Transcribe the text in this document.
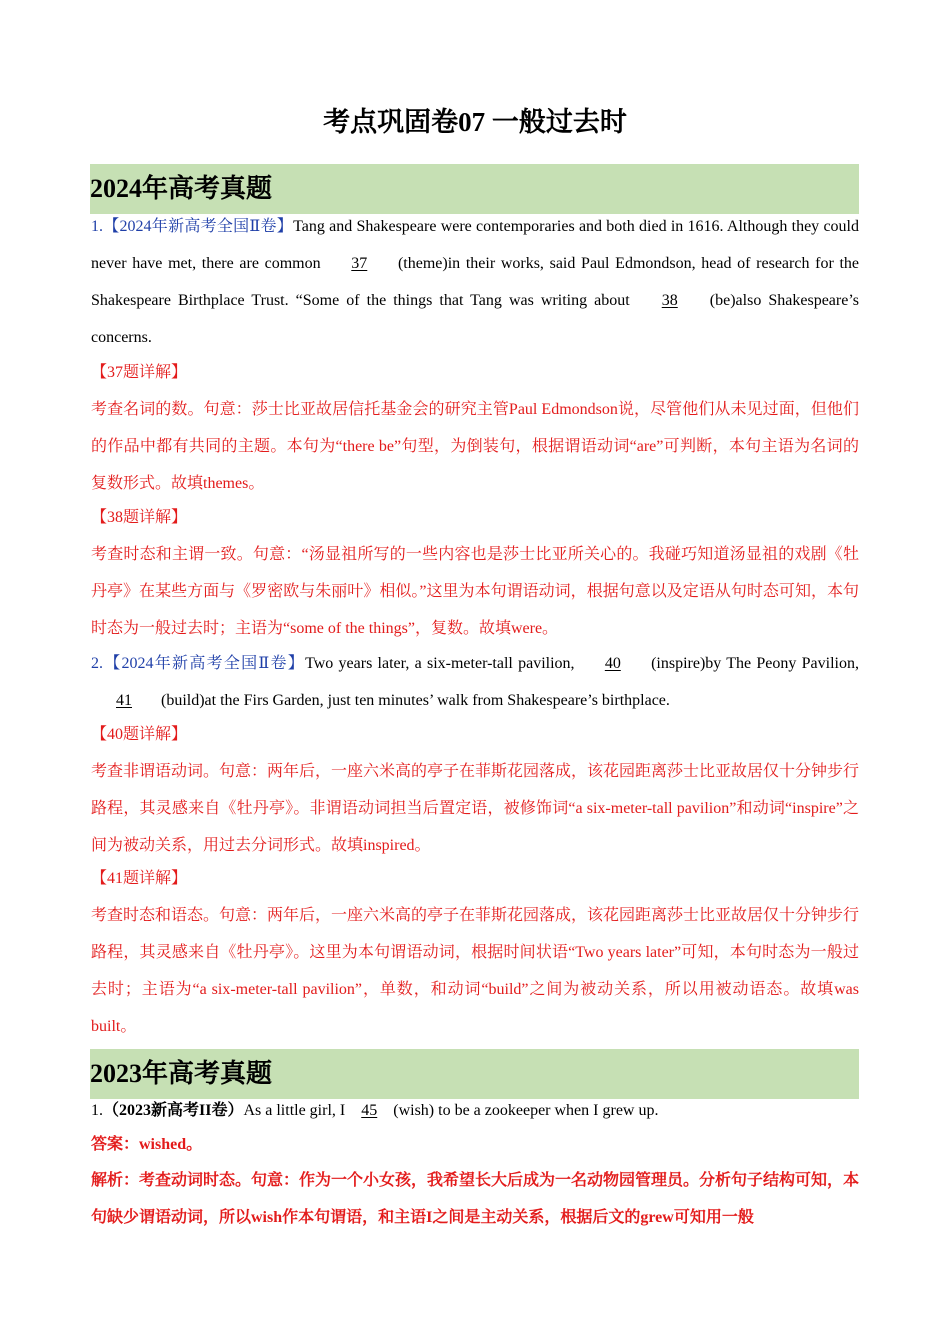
考点巩固卷07 一般过去时
2024年高考真题
1.【2024年新高考全国Ⅱ卷】Tang and Shakespeare were contemporaries and both died in 1616. Although they could never have met, there are common 37 (theme)in their works, said Paul Edmondson, head of research for the Shakespeare Birthplace Trust. “Some of the things that Tang was writing about 38 (be)also Shakespeare’s concerns.
【37题详解】
考查名词的数。句意：莎士比亚故居信托基金会的研究主管Paul Edmondson说，尽管他们从未见过面，但他们的作品中都有共同的主题。本句为“there be”句型，为倒装句，根据谓语动词“are”可判断，本句主语为名词的复数形式。故填themes。
【38题详解】
考查时态和主谓一致。句意：“汤显祖所写的一些内容也是莎士比亚所关心的。我碰巧知道汤显祖的戏剧《牡丹亭》在某些方面与《罗密欧与朱丽叶》相似。”这里为本句谓语动词，根据句意以及定语从句时态可知，本句时态为一般过去时；主语为“some of the things”，复数。故填were。
2.【2024年新高考全国Ⅱ卷】Two years later, a six-meter-tall pavilion, 40 (inspire)by The Peony Pavilion, 41 (build)at the Firs Garden, just ten minutes’ walk from Shakespeare’s birthplace.
【40题详解】
考查非谓语动词。句意：两年后，一座六米高的亭子在菲斯花园落成，该花园距离莎士比亚故居仅十分钟步行路程，其灵感来自《牡丹亭》。非谓语动词担当后置定语，被修饰词“a six-meter-tall pavilion”和动词“inspire”之间为被动关系，用过去分词形式。故填inspired。
【41题详解】
考查时态和语态。句意：两年后，一座六米高的亭子在菲斯花园落成，该花园距离莎士比亚故居仅十分钟步行路程，其灵感来自《牡丹亭》。这里为本句谓语动词，根据时间状语“Two years later”可知，本句时态为一般过去时；主语为“a six-meter-tall pavilion”，单数，和动词“build”之间为被动关系，所以用被动语态。故填was built。
2023年高考真题
1.（2023新高考II卷）As a little girl, I 45 (wish) to be a zookeeper when I grew up.
答案：wished。
解析：考查动词时态。句意：作为一个小女孩，我希望长大后成为一名动物园管理员。分析句子结构可知，本句缺少谓语动词，所以wish作本句谓语，和主语I之间是主动关系，根据后文的grew可知用一般
